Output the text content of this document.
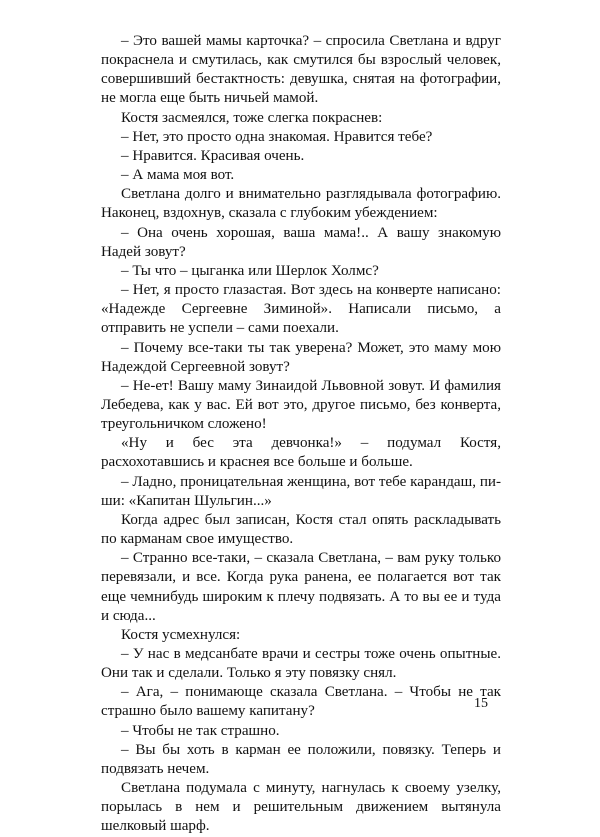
– Это вашей мамы карточка? – спросила Светлана и вдруг покраснела и смутилась, как смутился бы взрослый человек, совершивший бестактность: девушка, снятая на фотографии, не могла еще быть ничьей мамой.

Костя засмеялся, тоже слегка покраснев:

– Нет, это просто одна знакомая. Нравится тебе?

– Нравится. Красивая очень.

– А мама моя вот.

Светлана долго и внимательно разглядывала фотографию. Наконец, вздохнув, сказала с глубоким убеждением:

– Она очень хорошая, ваша мама!.. А вашу знакомую Надей зовут?

– Ты что – цыганка или Шерлок Холмс?

– Нет, я просто глазастая. Вот здесь на конверте написано: «Надежде Сергеевне Зиминой». Написали письмо, а отправить не успели – сами поехали.

– Почему все-таки ты так уверена? Может, это маму мою Надеждой Сергеевной зовут?

– Не-ет! Вашу маму Зинаидой Львовной зовут. И фамилия Лебедева, как у вас. Ей вот это, другое письмо, без конверта, треугольничком сложено!

«Ну и бес эта девчонка!» – подумал Костя, расхохотавшись и краснея все больше и больше.

– Ладно, проницательная женщина, вот тебе карандаш, пиши: «Капитан Шульгин...»

Когда адрес был записан, Костя стал опять раскладывать по карманам свое имущество.

– Странно все-таки, – сказала Светлана, – вам руку только перевязали, и все. Когда рука ранена, ее полагается вот так еще чемнибудь широким к плечу подвязать. А то вы ее и туда и сюда...

Костя усмехнулся:

– У нас в медсанбате врачи и сестры тоже очень опытные. Они так и сделали. Только я эту повязку снял.

– Ага, – понимающе сказала Светлана. – Чтобы не так страшно было вашему капитану?

– Чтобы не так страшно.

– Вы бы хоть в карман ее положили, повязку. Теперь и подвязать нечем.

Светлана подумала с минуту, нагнулась к своему узелку, порылась в нем и решительным движением вытянула шелковый шарф.

15
